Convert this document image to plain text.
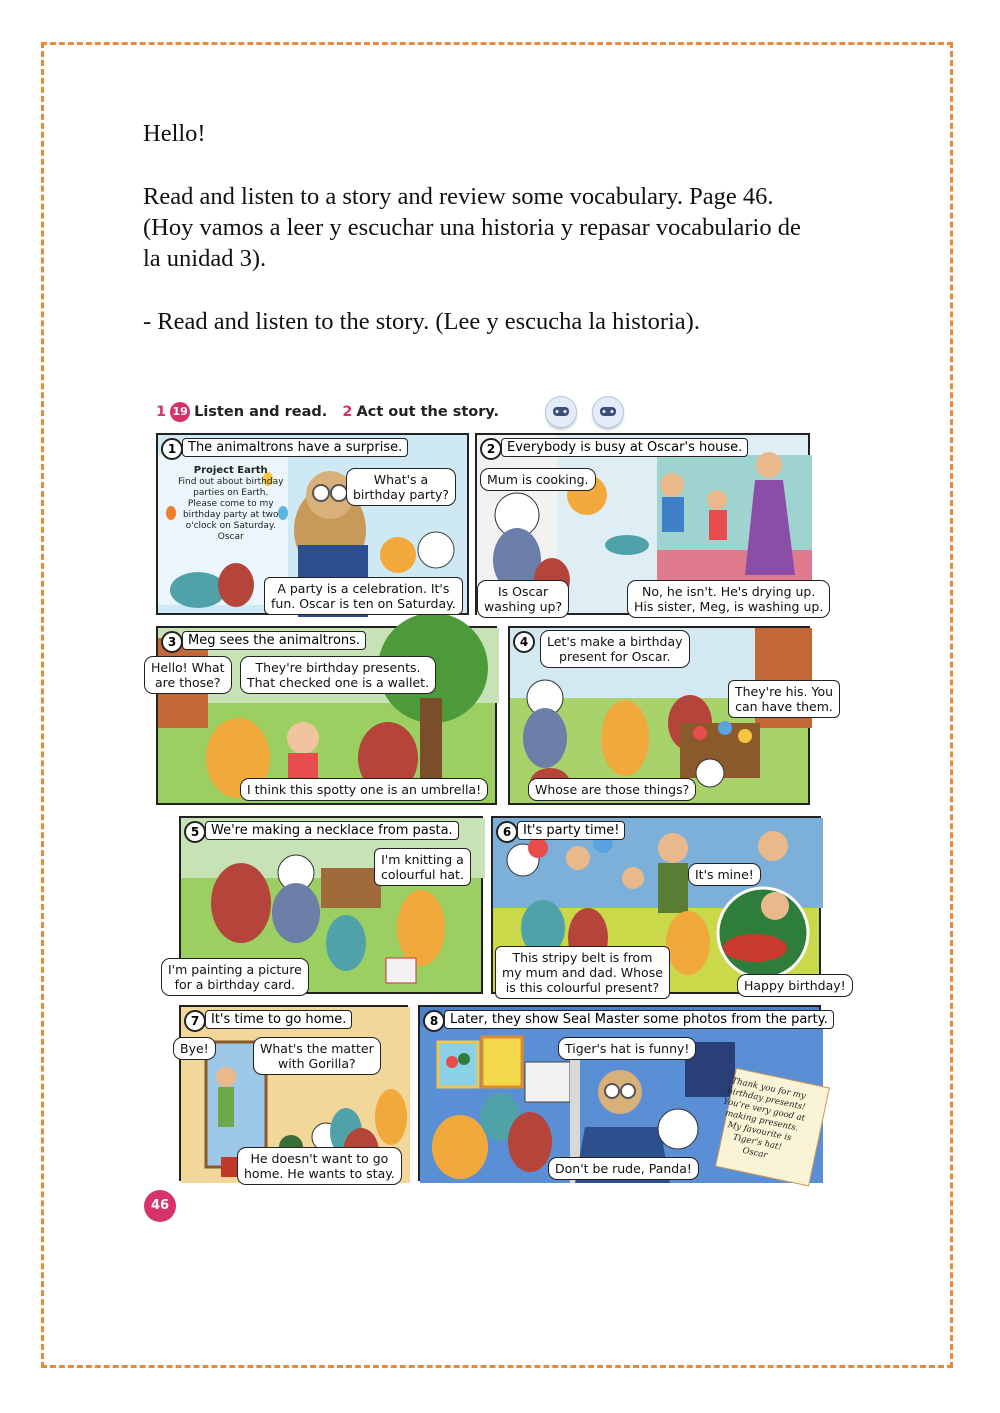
Hello!

Read and listen to a story and review some vocabulary. Page 46.

(Hoy vamos a leer y escuchar una historia y repasar vocabulario de

la unidad 3).

- Read and listen to the story. (Lee y escucha la historia).

1 19 Listen and read. 2 Act out the story.
1 The animaltrons have a surprise.
Project Earth
Find out about birthday
parties on Earth.
Please come to my
birthday party at two
o'clock on Saturday.
Oscar
What's a
birthday party?
A party is a celebration. It's
fun. Oscar is ten on Saturday.
2 Everybody is busy at Oscar's house.
Mum is cooking.
Is Oscar
washing up?
No, he isn't. He's drying up.
His sister, Meg, is washing up.
3 Meg sees the animaltrons.
Hello! What
are those?
They're birthday presents.
That checked one is a wallet.
I think this spotty one is an umbrella!
4	Let's make a birthday
present for Oscar.
They're his. You
can have them.
Whose are those things?
5 We're making a necklace from pasta.
I'm knitting a
colourful hat.
I'm painting a picture
for a birthday card.
6 It's party time!
It's mine!
This stripy belt is from
my mum and dad. Whose
is this colourful present?	Happy birthday!
7 It's time to go home.
Bye!	What's the matter
with Gorilla?
He doesn't want to go
home. He wants to stay.
8 Later, they show Seal Master some photos from the party.
Thank you for my
birthday presents!
You're very good at
making presents.
My favourite is
Tiger's hat!
Oscar
Tiger's hat is funny!
Don't be rude, Panda!
46
